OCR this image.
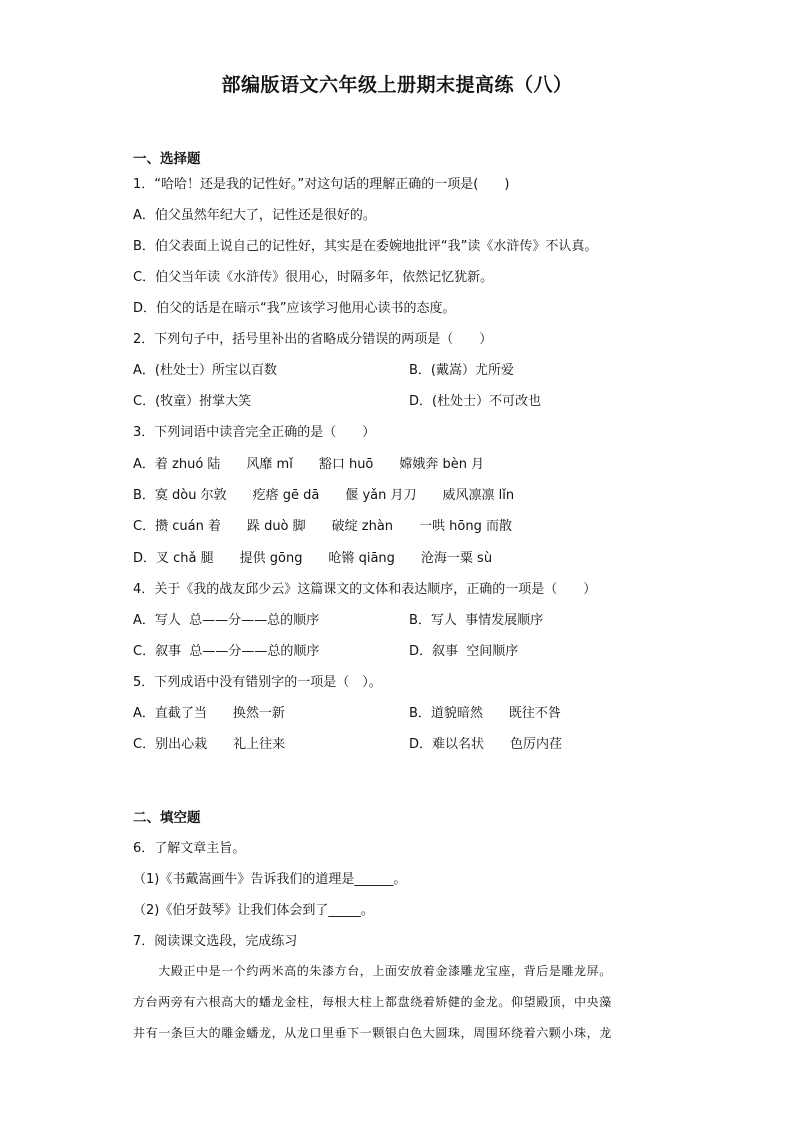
部编版语文六年级上册期末提高练（八）
一、选择题
1．“哈哈！还是我的记性好。”对这句话的理解正确的一项是(　　)
A．伯父虽然年纪大了，记性还是很好的。
B．伯父表面上说自己的记性好，其实是在委婉地批评“我”读《水浒传》不认真。
C．伯父当年读《水浒传》很用心，时隔多年，依然记忆犹新。
D．伯父的话是在暗示“我”应该学习他用心读书的态度。
2．下列句子中，括号里补出的省略成分错误的两项是（　　）
A．(杜处士）所宝以百数	B．(戴嵩）尤所爱
C．(牧童）拊掌大笑	D．(杜处士）不可改也
3．下列词语中读音完全正确的是（　　）
A．着 zhuó 陆　　风靡 mǐ　　豁口 huō　　嫦娥奔 bèn 月
B．寞 dòu 尔敦　　疙瘩 gē dā　　偃 yǎn 月刀　　威风凛凛 lǐn
C．攒 cuán 着　　跺 duò 脚　　破绽 zhàn　　一哄 hōng 而散
D．叉 chǎ 腿　　提供 gōng　　呛锵 qiāng　　沧海一粟 sù
4．关于《我的战友邱少云》这篇课文的文体和表达顺序，正确的一项是（　　）
A．写人  总——分——总的顺序	B．写人  事情发展顺序
C．叙事  总——分——总的顺序	D．叙事  空间顺序
5．下列成语中没有错别字的一项是（　）。
A．直截了当　　换然一新	B．道貌暗然　　既往不咎
C．别出心栽　　礼上往来	D．难以名状　　色厉内荏
二、填空题
6．了解文章主旨。
（1)《书戴嵩画牛》告诉我们的道理是______。
（2)《伯牙鼓琴》让我们体会到了_____。
7．阅读课文选段，完成练习
　　大殿正中是一个约两米高的朱漆方台，上面安放着金漆雕龙宝座，背后是雕龙屏。
方台两旁有六根高大的蟠龙金柱，每根大柱上都盘绕着矫健的金龙。仰望殿顶，中央藻
井有一条巨大的雕金蟠龙，从龙口里垂下一颗银白色大圆珠，周围环绕着六颗小珠，龙
